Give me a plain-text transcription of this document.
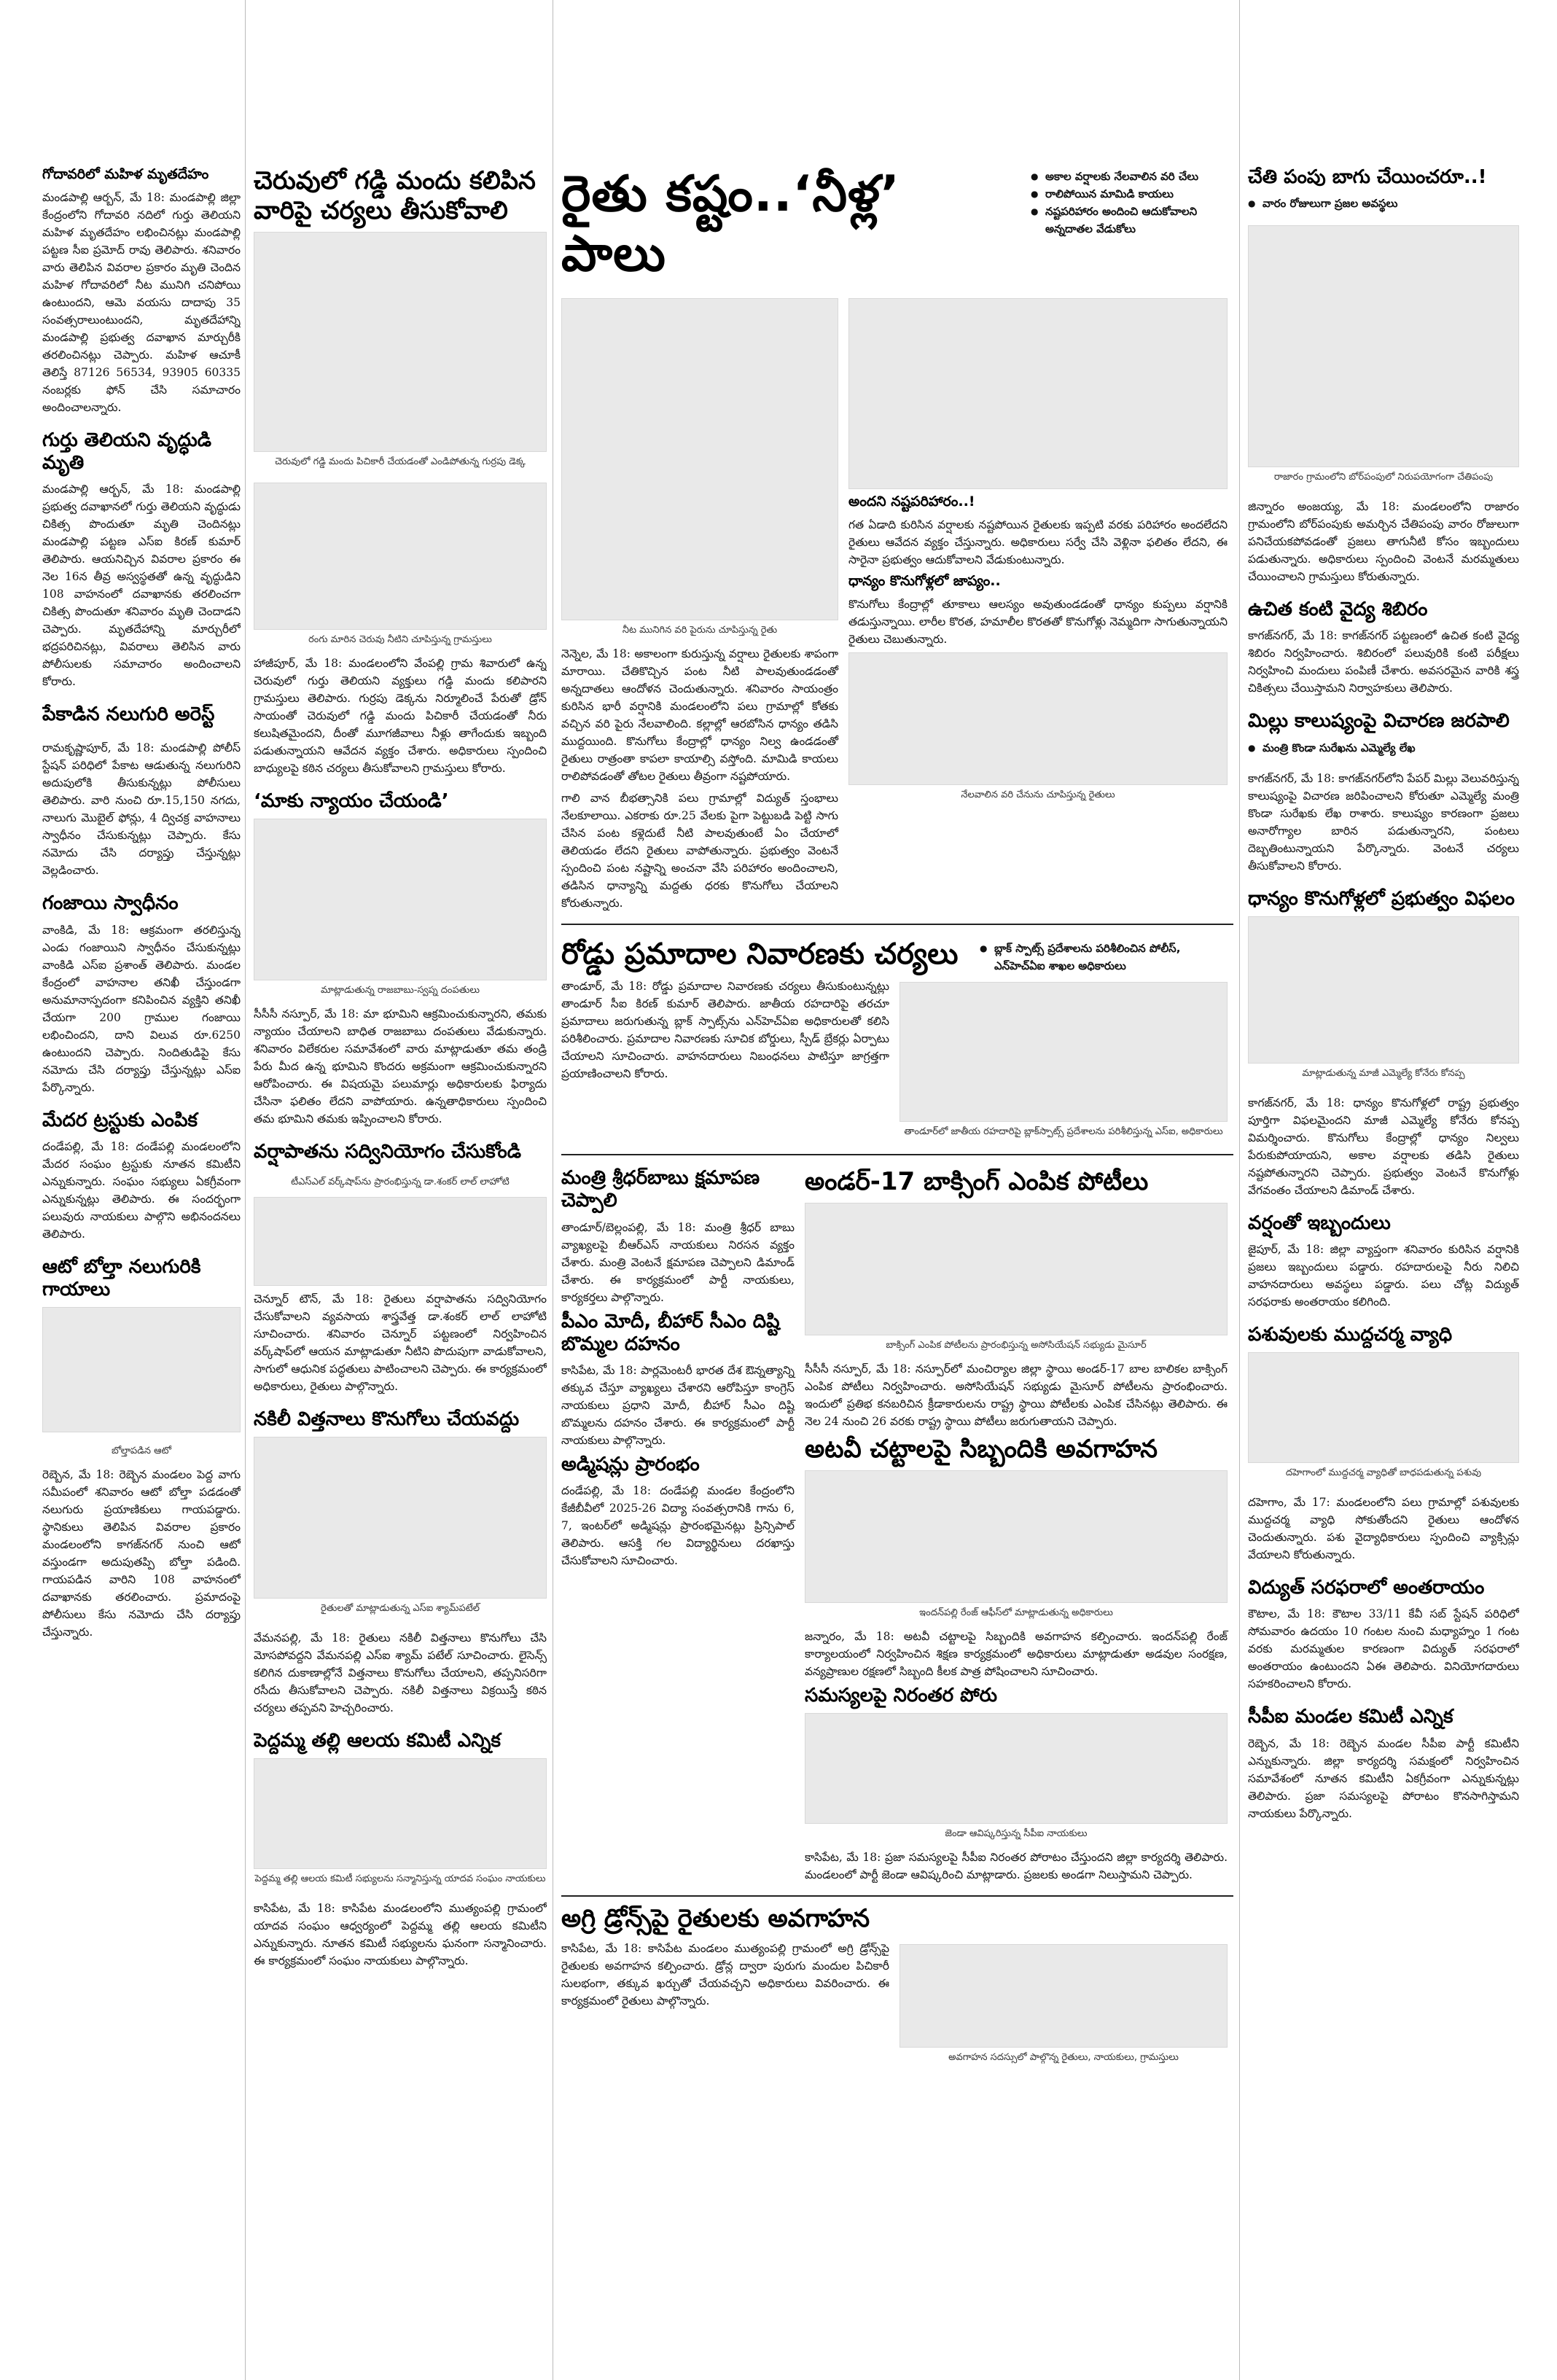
గోదావరిలో మహిళ మృతదేహం

మండపాల్లి ఆర్బన్, మే 18: మండపాల్లి జిల్లా కేంద్రంలోని గోదావరి నదిలో గుర్తు తెలియని మహిళ మృతదేహం లభించినట్లు మండపాల్లి పట్టణ సీఐ ప్రమోద్ రావు తెలిపారు. శనివారం వారు తెలిపిన వివరాల ప్రకారం మృతి చెందిన మహిళ గోదావరిలో నీట మునిగి చనిపోయి ఉంటుందని, ఆమె వయసు దాదాపు 35 సంవత్సరాలుంటుందని, మృతదేహాన్ని మండపాల్లి ప్రభుత్వ దవాఖాన మార్చురీకి తరలించినట్లు చెప్పారు. మహిళ ఆచూకీ తెలిస్తే 87126 56534, 93905 60335 నంబర్లకు ఫోన్ చేసి సమాచారం అందించాలన్నారు.

గుర్తు తెలియని వృద్ధుడి మృతి

మండపాల్లి ఆర్బన్, మే 18: మండపాల్లి ప్రభుత్వ దవాఖానలో గుర్తు తెలియని వృద్ధుడు చికిత్స పొందుతూ మృతి చెందినట్లు మండపాల్లి పట్టణ ఎస్ఐ కిరణ్ కుమార్ తెలిపారు. ఆయనిచ్చిన వివరాల ప్రకారం ఈ నెల 16న తీవ్ర అస్వస్థతతో ఉన్న వృద్ధుడిని 108 వాహనంలో దవాఖానకు తరలించగా చికిత్స పొందుతూ శనివారం మృతి చెందాడని చెప్పారు. మృతదేహాన్ని మార్చురీలో భద్రపరిచినట్లు, వివరాలు తెలిసిన వారు పోలీసులకు సమాచారం అందించాలని కోరారు.

పేకాడిన నలుగురి అరెస్ట్

రామకృష్ణాపూర్, మే 18: మండపాల్లి పోలీస్ స్టేషన్ పరిధిలో పేకాట ఆడుతున్న నలుగురిని అదుపులోకి తీసుకున్నట్లు పోలీసులు తెలిపారు. వారి నుంచి రూ.15,150 నగదు, నాలుగు మొబైల్ ఫోన్లు, 4 ద్విచక్ర వాహనాలు స్వాధీనం చేసుకున్నట్లు చెప్పారు. కేసు నమోదు చేసి దర్యాప్తు చేస్తున్నట్లు వెల్లడించారు.

గంజాయి స్వాధీనం

వాంకిడి, మే 18: ఆక్రమంగా తరలిస్తున్న ఎండు గంజాయిని స్వాధీనం చేసుకున్నట్లు వాంకిడి ఎస్ఐ ప్రశాంత్ తెలిపారు. మండల కేంద్రంలో వాహనాల తనిఖీ చేస్తుండగా అనుమానాస్పదంగా కనిపించిన వ్యక్తిని తనిఖీ చేయగా 200 గ్రాముల గంజాయి లభించిందని, దాని విలువ రూ.6250 ఉంటుందని చెప్పారు. నిందితుడిపై కేసు నమోదు చేసి దర్యాప్తు చేస్తున్నట్లు ఎస్ఐ పేర్కొన్నారు.

మేదర ట్రస్టుకు ఎంపిక

దండేపల్లి, మే 18: దండేపల్లి మండలంలోని మేదర సంఘం ట్రస్టుకు నూతన కమిటీని ఎన్నుకున్నారు. సంఘం సభ్యులు ఏకగ్రీవంగా ఎన్నుకున్నట్లు తెలిపారు. ఈ సందర్భంగా పలువురు నాయకులు పాల్గొని అభినందనలు తెలిపారు.

ఆటో బోల్తా నలుగురికి గాయాలు
బోల్తాపడిన ఆటో

రెబ్బెన, మే 18: రెబ్బెన మండలం పెద్ద వాగు సమీపంలో శనివారం ఆటో బోల్తా పడడంతో నలుగురు ప్రయాణికులు గాయపడ్డారు. స్థానికులు తెలిపిన వివరాల ప్రకారం మండలంలోని కాగజ్‌నగర్ నుంచి ఆటో వస్తుండగా అదుపుతప్పి బోల్తా పడింది. గాయపడిన వారిని 108 వాహనంలో దవాఖానకు తరలించారు. ప్రమాదంపై పోలీసులు కేసు నమోదు చేసి దర్యాప్తు చేస్తున్నారు.

చెరువులో గడ్డి మందు కలిపిన వారిపై చర్యలు తీసుకోవాలి
చెరువులో గడ్డి మందు పిచికారీ చేయడంతో ఎండిపోతున్న గుర్రపు డెక్క
రంగు మారిన చెరువు నీటిని చూపిస్తున్న గ్రామస్తులు

హాజీపూర్, మే 18: మండలంలోని వేంపల్లి గ్రామ శివారులో ఉన్న చెరువులో గుర్తు తెలియని వ్యక్తులు గడ్డి మందు కలిపారని గ్రామస్తులు తెలిపారు. గుర్రపు డెక్కను నిర్మూలించే పేరుతో డ్రోన్ సాయంతో చెరువులో గడ్డి మందు పిచికారీ చేయడంతో నీరు కలుషితమైందని, దీంతో మూగజీవాలు నీళ్లు తాగేందుకు ఇబ్బంది పడుతున్నాయని ఆవేదన వ్యక్తం చేశారు. అధికారులు స్పందించి బాధ్యులపై కఠిన చర్యలు తీసుకోవాలని గ్రామస్తులు కోరారు.

‘మాకు న్యాయం చేయండి’
మాట్లాడుతున్న రాజబాబు-స్వప్న దంపతులు

సీసీసీ నస్పూర్, మే 18: మా భూమిని ఆక్రమించుకున్నారని, తమకు న్యాయం చేయాలని బాధిత రాజబాబు దంపతులు వేడుకున్నారు. శనివారం విలేకరుల సమావేశంలో వారు మాట్లాడుతూ తమ తండ్రి పేరు మీద ఉన్న భూమిని కొందరు అక్రమంగా ఆక్రమించుకున్నారని ఆరోపించారు. ఈ విషయమై పలుమార్లు అధికారులకు ఫిర్యాదు చేసినా ఫలితం లేదని వాపోయారు. ఉన్నతాధికారులు స్పందించి తమ భూమిని తమకు ఇప్పించాలని కోరారు.

వర్షాపాతను సద్వినియోగం చేసుకోండి
టీఎస్‌ఎల్‌ వర్క్‌షాప్‌ను ప్రారంభిస్తున్న డా.శంకర్ లాల్ లాహోటి

చెన్నూర్ టౌన్, మే 18: రైతులు వర్షాపాతను సద్వినియోగం చేసుకోవాలని వ్యవసాయ శాస్త్రవేత్త డా.శంకర్ లాల్ లాహోటి సూచించారు. శనివారం చెన్నూర్ పట్టణంలో నిర్వహించిన వర్క్‌షాప్‌లో ఆయన మాట్లాడుతూ నీటిని పొదుపుగా వాడుకోవాలని, సాగులో ఆధునిక పద్ధతులు పాటించాలని చెప్పారు. ఈ కార్యక్రమంలో అధికారులు, రైతులు పాల్గొన్నారు.

నకిలీ విత్తనాలు కొనుగోలు చేయవద్దు
రైతులతో మాట్లాడుతున్న ఎస్ఐ శ్యామ్‌పటేల్

వేమనపల్లి, మే 18: రైతులు నకిలీ విత్తనాలు కొనుగోలు చేసి మోసపోవద్దని వేమనపల్లి ఎస్ఐ శ్యామ్ పటేల్ సూచించారు. లైసెన్స్ కలిగిన దుకాణాల్లోనే విత్తనాలు కొనుగోలు చేయాలని, తప్పనిసరిగా రసీదు తీసుకోవాలని చెప్పారు. నకిలీ విత్తనాలు విక్రయిస్తే కఠిన చర్యలు తప్పవని హెచ్చరించారు.

పెద్దమ్మ తల్లి ఆలయ కమిటీ ఎన్నిక
పెద్దమ్మ తల్లి ఆలయ కమిటీ సభ్యులను సన్మానిస్తున్న యాదవ సంఘం నాయకులు

కాసిపేట, మే 18: కాసిపేట మండలంలోని ముత్యంపల్లి గ్రామంలో యాదవ సంఘం ఆధ్వర్యంలో పెద్దమ్మ తల్లి ఆలయ కమిటీని ఎన్నుకున్నారు. నూతన కమిటీ సభ్యులను ఘనంగా సన్మానించారు. ఈ కార్యక్రమంలో సంఘం నాయకులు పాల్గొన్నారు.

రైతు కష్టం..‘నీళ్ల’ పాలు
● అకాల వర్షాలకు నేలవాలిన వరి చేలు
● రాలిపోయిన మామిడి కాయలు
● నష్టపరిహారం అందించి ఆదుకోవాలని అన్నదాతల వేడుకోలు
నీట మునిగిన వరి పైరును చూపిస్తున్న రైతు

నెన్నెల, మే 18: అకాలంగా కురుస్తున్న వర్షాలు రైతులకు శాపంగా మారాయి. చేతికొచ్చిన పంట నీటి పాలవుతుండడంతో అన్నదాతలు ఆందోళన చెందుతున్నారు. శనివారం సాయంత్రం కురిసిన భారీ వర్షానికి మండలంలోని పలు గ్రామాల్లో కోతకు వచ్చిన వరి పైరు నేలవాలింది. కల్లాల్లో ఆరబోసిన ధాన్యం తడిసి ముద్దయింది. కొనుగోలు కేంద్రాల్లో ధాన్యం నిల్వ ఉండడంతో రైతులు రాత్రంతా కాపలా కాయాల్సి వస్తోంది. మామిడి కాయలు రాలిపోవడంతో తోటల రైతులు తీవ్రంగా నష్టపోయారు.

గాలి వాన బీభత్సానికి పలు గ్రామాల్లో విద్యుత్ స్తంభాలు నేలకూలాయి. ఎకరాకు రూ.25 వేలకు పైగా పెట్టుబడి పెట్టి సాగు చేసిన పంట కళ్లెదుటే నీటి పాలవుతుంటే ఏం చేయాలో తెలియడం లేదని రైతులు వాపోతున్నారు. ప్రభుత్వం వెంటనే స్పందించి పంట నష్టాన్ని అంచనా వేసి పరిహారం అందించాలని, తడిసిన ధాన్యాన్ని మద్దతు ధరకు కొనుగోలు చేయాలని కోరుతున్నారు.

అందని నష్టపరిహారం..!

గత ఏడాది కురిసిన వర్షాలకు నష్టపోయిన రైతులకు ఇప్పటి వరకు పరిహారం అందలేదని రైతులు ఆవేదన వ్యక్తం చేస్తున్నారు. అధికారులు సర్వే చేసి వెళ్లినా ఫలితం లేదని, ఈ సారైనా ప్రభుత్వం ఆదుకోవాలని వేడుకుంటున్నారు.

ధాన్యం కొనుగోళ్లలో జాప్యం..

కొనుగోలు కేంద్రాల్లో తూకాలు ఆలస్యం అవుతుండడంతో ధాన్యం కుప్పలు వర్షానికి తడుస్తున్నాయి. లారీల కొరత, హమాలీల కొరతతో కొనుగోళ్లు నెమ్మదిగా సాగుతున్నాయని రైతులు చెబుతున్నారు.

నేలవాలిన వరి చేనును చూపిస్తున్న రైతులు
రోడ్డు ప్రమాదాల నివారణకు చర్యలు
●	బ్లాక్ స్పాట్స్ ప్రదేశాలను పరిశీలించిన పోలీస్, ఎన్‌హెచ్‌ఏఐ శాఖల అధికారులు

తాండూర్, మే 18: రోడ్డు ప్రమాదాల నివారణకు చర్యలు తీసుకుంటున్నట్లు తాండూర్ సీఐ కిరణ్ కుమార్ తెలిపారు. జాతీయ రహదారిపై తరచూ ప్రమాదాలు జరుగుతున్న బ్లాక్ స్పాట్స్‌ను ఎన్‌హెచ్‌ఏఐ అధికారులతో కలిసి పరిశీలించారు. ప్రమాదాల నివారణకు సూచిక బోర్డులు, స్పీడ్ బ్రేకర్లు ఏర్పాటు చేయాలని సూచించారు. వాహనదారులు నిబంధనలు పాటిస్తూ జాగ్రత్తగా ప్రయాణించాలని కోరారు.

తాండూర్‌లో జాతీయ రహదారిపై బ్లాక్‌స్పాట్స్ ప్రదేశాలను పరిశీలిస్తున్న ఎస్ఐ, అధికారులు
మంత్రి శ్రీధర్‌బాబు క్షమాపణ చెప్పాలి

తాండూర్/బెల్లంపల్లి, మే 18: మంత్రి శ్రీధర్ బాబు వ్యాఖ్యలపై బీఆర్ఎస్ నాయకులు నిరసన వ్యక్తం చేశారు. మంత్రి వెంటనే క్షమాపణ చెప్పాలని డిమాండ్ చేశారు. ఈ కార్యక్రమంలో పార్టీ నాయకులు, కార్యకర్తలు పాల్గొన్నారు.

పీఎం మోదీ, బీహార్ సీఎం దిష్టి బొమ్మల దహనం

కాసిపేట, మే 18: పార్లమెంటరీ భారత దేశ ఔన్నత్యాన్ని తక్కువ చేస్తూ వ్యాఖ్యలు చేశారని ఆరోపిస్తూ కాంగ్రెస్ నాయకులు ప్రధాని మోదీ, బీహార్ సీఎం దిష్టి బొమ్మలను దహనం చేశారు. ఈ కార్యక్రమంలో పార్టీ నాయకులు పాల్గొన్నారు.

అడ్మిషన్లు ప్రారంభం

దండేపల్లి, మే 18: దండేపల్లి మండల కేంద్రంలోని కేజీబీవీలో 2025-26 విద్యా సంవత్సరానికి గాను 6, 7, ఇంటర్‌లో అడ్మిషన్లు ప్రారంభమైనట్లు ప్రిన్సిపాల్ తెలిపారు. ఆసక్తి గల విద్యార్థినులు దరఖాస్తు చేసుకోవాలని సూచించారు.

అండర్-17 బాక్సింగ్ ఎంపిక పోటీలు
బాక్సింగ్ ఎంపిక పోటీలను ప్రారంభిస్తున్న అసోసియేషన్ సభ్యుడు మైసూర్

సీసీసీ నస్పూర్, మే 18: నస్పూర్‌లో మంచిర్యాల జిల్లా స్థాయి అండర్-17 బాల బాలికల బాక్సింగ్ ఎంపిక పోటీలు నిర్వహించారు. అసోసియేషన్ సభ్యుడు మైసూర్ పోటీలను ప్రారంభించారు. ఇందులో ప్రతిభ కనబరిచిన క్రీడాకారులను రాష్ట్ర స్థాయి పోటీలకు ఎంపిక చేసినట్లు తెలిపారు. ఈ నెల 24 నుంచి 26 వరకు రాష్ట్ర స్థాయి పోటీలు జరుగుతాయని చెప్పారు.

అటవీ చట్టాలపై సిబ్బందికి అవగాహన
ఇందన్‌పల్లి రేంజ్ ఆఫీస్‌లో మాట్లాడుతున్న అధికారులు

జన్నారం, మే 18: అటవీ చట్టాలపై సిబ్బందికి అవగాహన కల్పించారు. ఇందన్‌పల్లి రేంజ్ కార్యాలయంలో నిర్వహించిన శిక్షణ కార్యక్రమంలో అధికారులు మాట్లాడుతూ అడవుల సంరక్షణ, వన్యప్రాణుల రక్షణలో సిబ్బంది కీలక పాత్ర పోషించాలని సూచించారు.

సమస్యలపై నిరంతర పోరు
జెండా ఆవిష్కరిస్తున్న సీపీఐ నాయకులు

కాసిపేట, మే 18: ప్రజా సమస్యలపై సీపీఐ నిరంతర పోరాటం చేస్తుందని జిల్లా కార్యదర్శి తెలిపారు. మండలంలో పార్టీ జెండా ఆవిష్కరించి మాట్లాడారు. ప్రజలకు అండగా నిలుస్తామని చెప్పారు.

అగ్రి డ్రోన్స్‌పై రైతులకు అవగాహన

కాసిపేట, మే 18: కాసిపేట మండలం ముత్యంపల్లి గ్రామంలో అగ్రి డ్రోన్స్‌పై రైతులకు అవగాహన కల్పించారు. డ్రోన్ల ద్వారా పురుగు మందుల పిచికారీ సులభంగా, తక్కువ ఖర్చుతో చేయవచ్చని అధికారులు వివరించారు. ఈ కార్యక్రమంలో రైతులు పాల్గొన్నారు.

అవగాహన సదస్సులో పాల్గొన్న రైతులు, నాయకులు, గ్రామస్తులు
చేతి పంపు బాగు చేయించరూ..!
● వారం రోజులుగా ప్రజల అవస్థలు
రాజారం గ్రామంలోని బోర్‌పంపులో నిరుపయోగంగా చేతిపంపు

జిన్నారం అంజయ్య, మే 18: మండలంలోని రాజారం గ్రామంలోని బోర్‌పంపుకు అమర్చిన చేతిపంపు వారం రోజులుగా పనిచేయకపోవడంతో ప్రజలు తాగునీటి కోసం ఇబ్బందులు పడుతున్నారు. అధికారులు స్పందించి వెంటనే మరమ్మతులు చేయించాలని గ్రామస్తులు కోరుతున్నారు.

ఉచిత కంటి వైద్య శిబిరం

కాగజ్‌నగర్, మే 18: కాగజ్‌నగర్ పట్టణంలో ఉచిత కంటి వైద్య శిబిరం నిర్వహించారు. శిబిరంలో పలువురికి కంటి పరీక్షలు నిర్వహించి మందులు పంపిణీ చేశారు. అవసరమైన వారికి శస్త్ర చికిత్సలు చేయిస్తామని నిర్వాహకులు తెలిపారు.

మిల్లు కాలుష్యంపై విచారణ జరపాలి
● మంత్రి కొండా సురేఖను ఎమ్మెల్యే లేఖ

కాగజ్‌నగర్, మే 18: కాగజ్‌నగర్‌లోని పేపర్ మిల్లు వెలువరిస్తున్న కాలుష్యంపై విచారణ జరిపించాలని కోరుతూ ఎమ్మెల్యే మంత్రి కొండా సురేఖకు లేఖ రాశారు. కాలుష్యం కారణంగా ప్రజలు అనారోగ్యాల బారిన పడుతున్నారని, పంటలు దెబ్బతింటున్నాయని పేర్కొన్నారు. వెంటనే చర్యలు తీసుకోవాలని కోరారు.

ధాన్యం కొనుగోళ్లలో ప్రభుత్వం విఫలం
మాట్లాడుతున్న మాజీ ఎమ్మెల్యే కోనేరు కోనప్ప

కాగజ్‌నగర్, మే 18: ధాన్యం కొనుగోళ్లలో రాష్ట్ర ప్రభుత్వం పూర్తిగా విఫలమైందని మాజీ ఎమ్మెల్యే కోనేరు కోనప్ప విమర్శించారు. కొనుగోలు కేంద్రాల్లో ధాన్యం నిల్వలు పేరుకుపోయాయని, అకాల వర్షాలకు తడిసి రైతులు నష్టపోతున్నారని చెప్పారు. ప్రభుత్వం వెంటనే కొనుగోళ్లు వేగవంతం చేయాలని డిమాండ్ చేశారు.

వర్షంతో ఇబ్బందులు

జైపూర్, మే 18: జిల్లా వ్యాప్తంగా శనివారం కురిసిన వర్షానికి ప్రజలు ఇబ్బందులు పడ్డారు. రహదారులపై నీరు నిలిచి వాహనదారులు అవస్థలు పడ్డారు. పలు చోట్ల విద్యుత్ సరఫరాకు అంతరాయం కలిగింది.

పశువులకు ముద్దచర్మ వ్యాధి
దహెగాంలో ముద్దచర్మ వ్యాధితో బాధపడుతున్న పశువు

దహెగాం, మే 17: మండలంలోని పలు గ్రామాల్లో పశువులకు ముద్దచర్మ వ్యాధి సోకుతోందని రైతులు ఆందోళన చెందుతున్నారు. పశు వైద్యాధికారులు స్పందించి వ్యాక్సిన్లు వేయాలని కోరుతున్నారు.

విద్యుత్ సరఫరాలో అంతరాయం

కౌటాల, మే 18: కౌటాల 33/11 కేవీ సబ్ స్టేషన్ పరిధిలో సోమవారం ఉదయం 10 గంటల నుంచి మధ్యాహ్నం 1 గంట వరకు మరమ్మతుల కారణంగా విద్యుత్ సరఫరాలో అంతరాయం ఉంటుందని ఏఈ తెలిపారు. వినియోగదారులు సహకరించాలని కోరారు.

సీపీఐ మండల కమిటీ ఎన్నిక

రెబ్బెన, మే 18: రెబ్బెన మండల సీపీఐ పార్టీ కమిటీని ఎన్నుకున్నారు. జిల్లా కార్యదర్శి సమక్షంలో నిర్వహించిన సమావేశంలో నూతన కమిటీని ఏకగ్రీవంగా ఎన్నుకున్నట్లు తెలిపారు. ప్రజా సమస్యలపై పోరాటం కొనసాగిస్తామని నాయకులు పేర్కొన్నారు.
